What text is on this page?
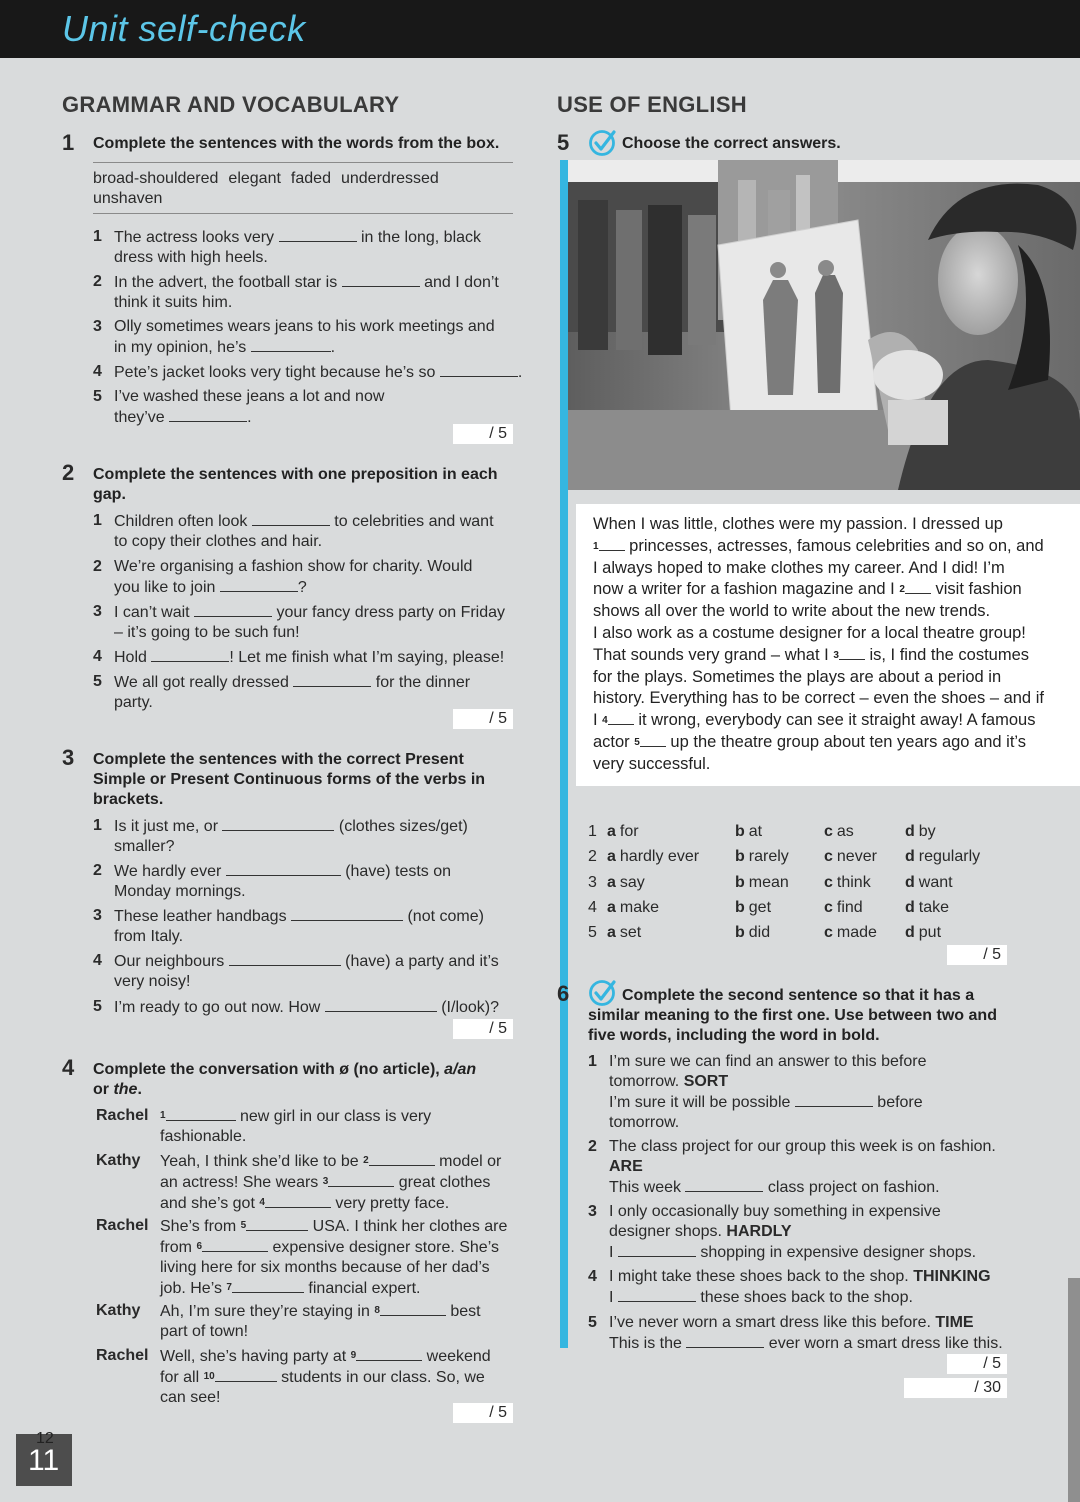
Unit self-check
GRAMMAR AND VOCABULARY
1 Complete the sentences with the words from the box.
broad-shouldered elegant faded underdressed
unshaven
1 The actress looks very	in the long, black
dress with high heels.
2 In the advert, the football star is	and I don’t
think it suits him.
3 Olly sometimes wears jeans to his work meetings and
in my opinion, he’s	.
4 Pete’s jacket looks very tight because he’s so	.
5 I’ve washed these jeans a lot and now
they’ve	.
/ 5
2 Complete the sentences with one preposition in each
gap.
1 Children often look	to celebrities and want
to copy their clothes and hair.
2 We’re organising a fashion show for charity. Would
you like to join	?
3 I can’t wait	your fancy dress party on Friday
– it’s going to be such fun!
4 Hold	! Let me finish what I’m saying, please!
5 We all got really dressed	for the dinner
party.
/ 5
3 Complete the sentences with the correct Present
Simple or Present Continuous forms of the verbs in
brackets.
1 Is it just me, or	(clothes sizes/get)
smaller?
2 We hardly ever	(have) tests on
Monday mornings.
3 These leather handbags	(not come)
from Italy.
4 Our neighbours	(have) a party and it’s
very noisy!
5 I’m ready to go out now. How	(I/look)?
/ 5
4 Complete the conversation with ø (no article), a/an
or the.
Rachel $^1$	new girl in our class is very
fashionable.
Kathy Yeah, I think she’d like to be $^2$	model or
an actress! She wears $^3$	great clothes
and she’s got $^4$	very pretty face.
Rachel She’s from $^5$	USA. I think her clothes are
from $^6$	expensive designer store. She’s
living here for six months because of her dad’s
job. He’s $^7$	financial expert.
Kathy Ah, I’m sure they’re staying in $^8$	best
part of town!
Rachel Well, she’s having party at $^9$	weekend
for all $^{10}$	students in our class. So, we
can see!
/ 5
USE OF ENGLISH
5	Choose the correct answers.

When I was little, clothes were my passion. I dressed up
$^1$ princesses, actresses, famous celebrities and so on, and
I always hoped to make clothes my career. And I did! I’m
now a writer for a fashion magazine and I $^2$ visit fashion
shows all over the world to write about the new trends.
I also work as a costume designer for a local theatre group!
That sounds very grand – what I $^3$ is, I find the costumes
for the plays. Sometimes the plays are about a period in
history. Everything has to be correct – even the shoes – and if
I $^4$ it wrong, everybody can see it straight away! A famous
actor $^5$ up the theatre group about ten years ago and it’s
very successful.

1 a for	b at	c as	d by
2 a hardly ever b rarely c never d regularly
3 a say	b mean c think d want
4 a make	b get	c find	d take
5 a set	b did	c made d put
/ 5
6	Complete the second sentence so that it has a
similar meaning to the first one. Use between two and
five words, including the word in bold.
1 I’m sure we can find an answer to this before
tomorrow. SORT
I’m sure it will be possible	before
tomorrow.
2 The class project for our group this week is on fashion.
ARE
This week	class project on fashion.
3 I only occasionally buy something in expensive
designer shops. HARDLY
I	shopping in expensive designer shops.
4 I might take these shoes back to the shop. THINKING
I	these shoes back to the shop.
5 I’ve never worn a smart dress like this before. TIME
This is the	ever worn a smart dress like this.
/ 5
/ 30
12
11
